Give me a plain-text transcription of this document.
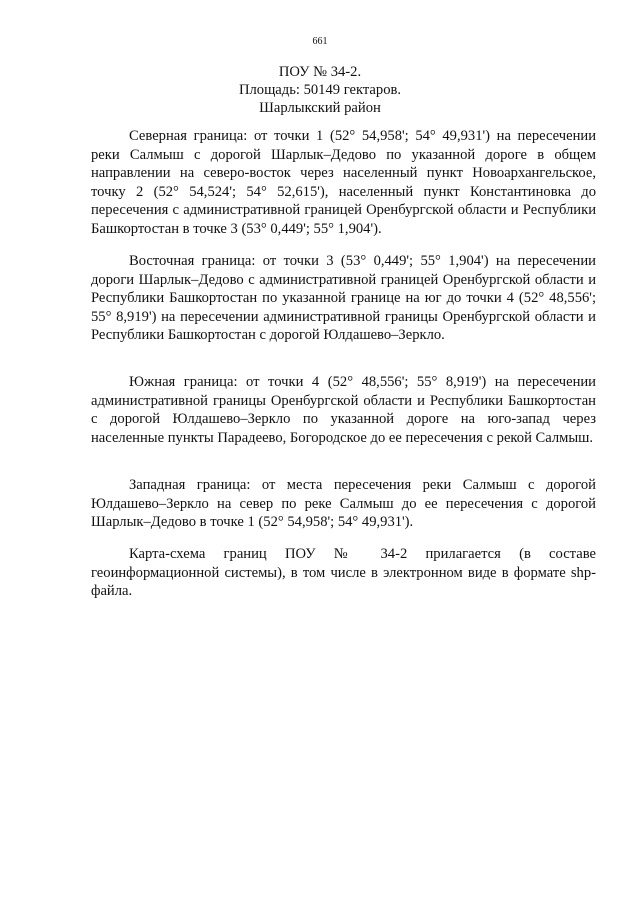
661
ПОУ № 34-2.
Площадь: 50149 гектаров.
Шарлыкский район

Северная граница: от точки 1 (52° 54,958'; 54° 49,931') на пересечении реки Салмыш с дорогой Шарлык–Дедово по указанной дороге в общем направлении на северо-восток через населенный пункт Новоархангельское, точку 2 (52° 54,524'; 54° 52,615'), населенный пункт Константиновка до пересечения с административной границей Оренбургской области и Республики Башкортостан в точке 3 (53° 0,449'; 55° 1,904').

Восточная граница: от точки 3 (53° 0,449'; 55° 1,904') на пересечении дороги Шарлык–Дедово с административной границей Оренбургской области и Республики Башкортостан по указанной границе на юг до точки 4 (52° 48,556'; 55° 8,919') на пересечении административной границы Оренбургской области и Республики Башкортостан с дорогой Юлдашево–Зеркло.

Южная граница: от точки 4 (52° 48,556'; 55° 8,919') на пересечении административной границы Оренбургской области и Республики Башкортостан с дорогой Юлдашево–Зеркло по указанной дороге на юго-запад через населенные пункты Парадеево, Богородское до ее пересечения с рекой Салмыш.

Западная граница: от места пересечения реки Салмыш с дорогой Юлдашево–Зеркло на север по реке Салмыш до ее пересечения с дорогой Шарлык–Дедово в точке 1 (52° 54,958'; 54° 49,931').

Карта-схема границ ПОУ № 34-2 прилагается (в составе геоинформационной системы), в том числе в электронном виде в формате shp-файла.
